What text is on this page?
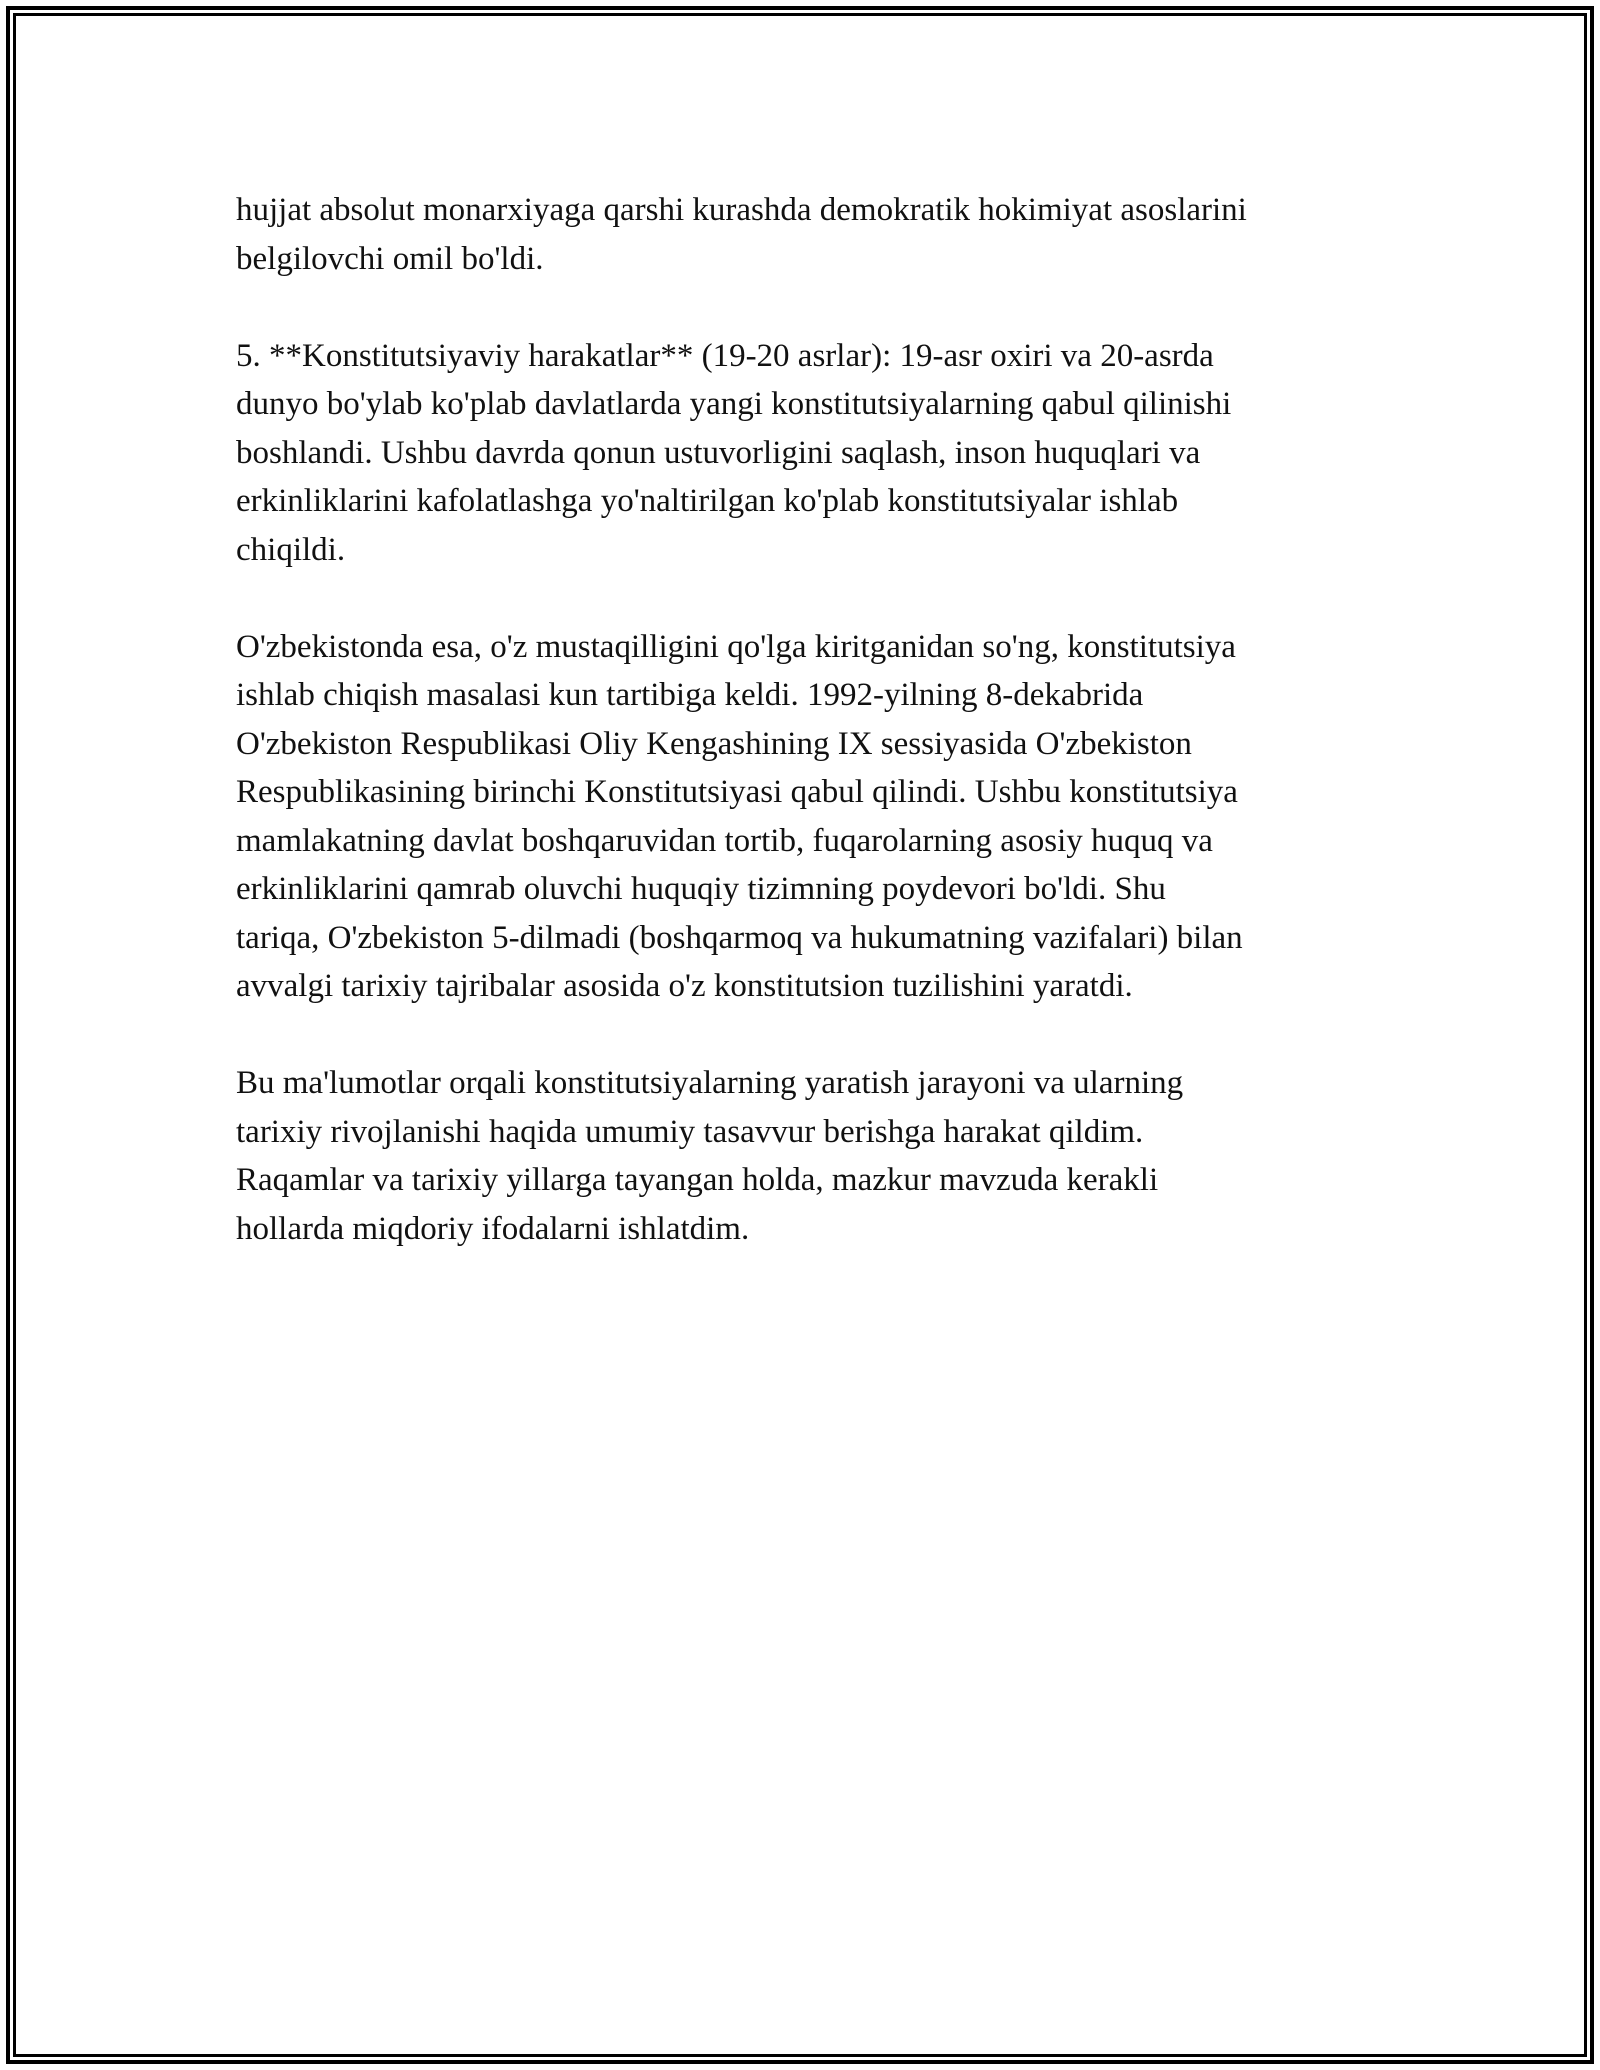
hujjat absolut monarxiyaga qarshi kurashda demokratik hokimiyat asoslarini
belgilovchi omil bo'ldi.

5. **Konstitutsiyaviy harakatlar** (19-20 asrlar): 19-asr oxiri va 20-asrda
dunyo bo'ylab ko'plab davlatlarda yangi konstitutsiyalarning qabul qilinishi
boshlandi. Ushbu davrda qonun ustuvorligini saqlash, inson huquqlari va
erkinliklarini kafolatlashga yo'naltirilgan ko'plab konstitutsiyalar ishlab
chiqildi.

O'zbekistonda esa, o'z mustaqilligini qo'lga kiritganidan so'ng, konstitutsiya
ishlab chiqish masalasi kun tartibiga keldi. 1992-yilning 8-dekabrida
O'zbekiston Respublikasi Oliy Kengashining IX sessiyasida O'zbekiston
Respublikasining birinchi Konstitutsiyasi qabul qilindi. Ushbu konstitutsiya
mamlakatning davlat boshqaruvidan tortib, fuqarolarning asosiy huquq va
erkinliklarini qamrab oluvchi huquqiy tizimning poydevori bo'ldi. Shu
tariqa, O'zbekiston 5-dilmadi (boshqarmoq va hukumatning vazifalari) bilan
avvalgi tarixiy tajribalar asosida o'z konstitutsion tuzilishini yaratdi.

Bu ma'lumotlar orqali konstitutsiyalarning yaratish jarayoni va ularning
tarixiy rivojlanishi haqida umumiy tasavvur berishga harakat qildim.
Raqamlar va tarixiy yillarga tayangan holda, mazkur mavzuda kerakli
hollarda miqdoriy ifodalarni ishlatdim.
